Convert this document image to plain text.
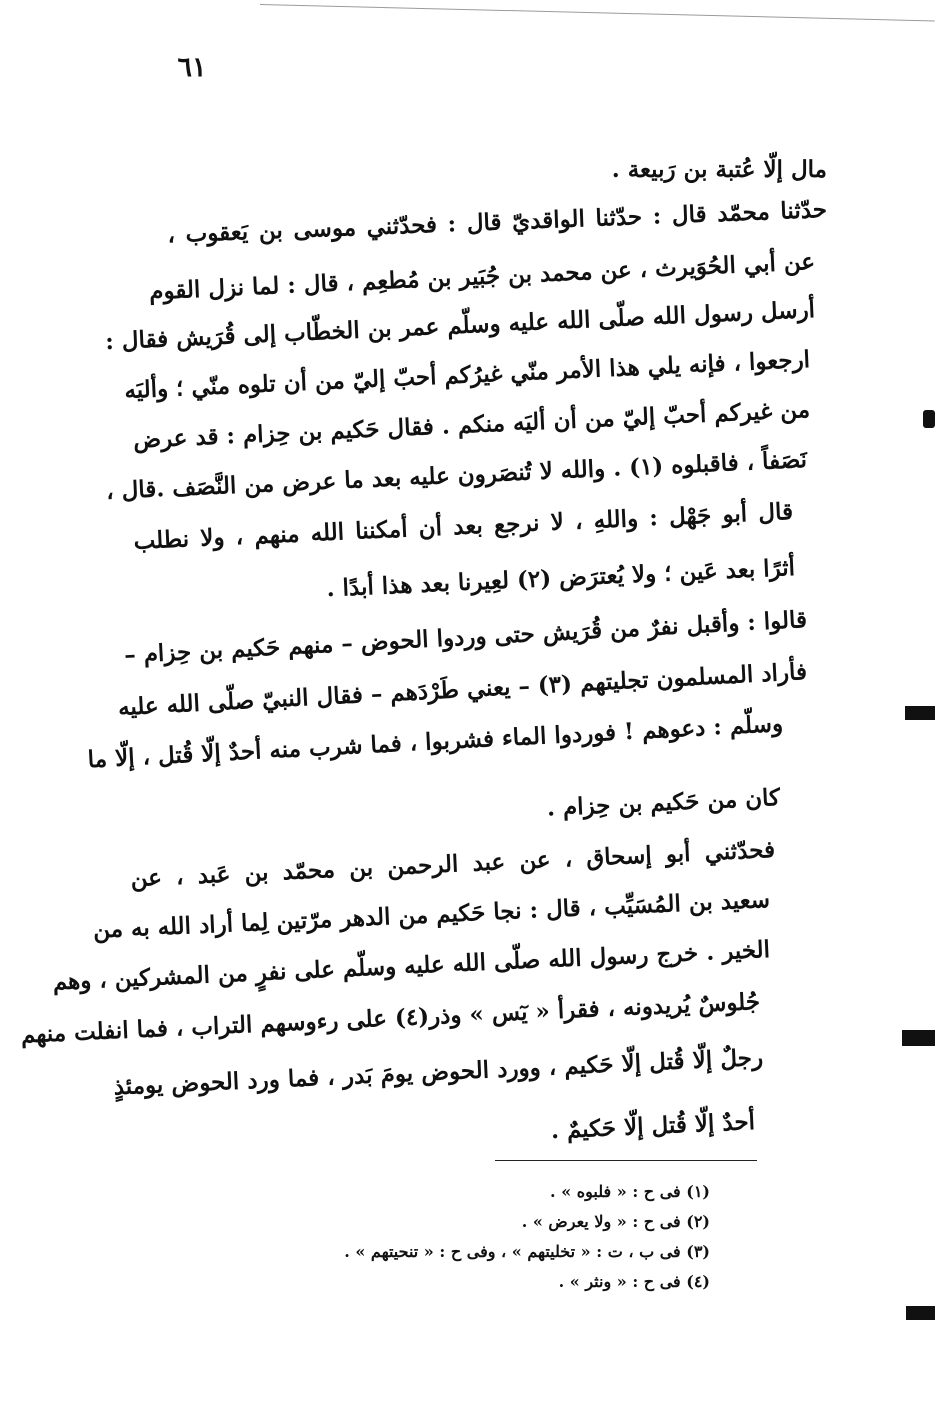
٦١
مال إلّا عُتبة بن رَبيعة .
حدّثنا محمّد قال : حدّثنا الواقديّ قال : فحدّثني موسى بن يَعقوب ،
عن أبي الحُوَيرث ، عن محمد بن جُبَير بن مُطعِم ، قال : لما نزل القوم
أرسل رسول الله صلّى الله عليه وسلّم عمر بن الخطّاب إلى قُرَيش فقال :
ارجعوا ، فإنه يلي هذا الأمر منّي غيرُكم أحبّ إليّ من أن تلوه منّي ؛ وأليَه
من غيركم أحبّ إليّ من أن أليَه منكم . فقال حَكيم بن حِزام : قد عرض
نَصَفاً ، فاقبلوه (١) . والله لا تُنصَرون عليه بعد ما عرض من النَّصَف .قال ،
قال أبو جَهْل : واللهِ ، لا نرجع بعد أن أمكننا الله منهم ، ولا نطلب
أثرًا بعد عَين ؛ ولا يُعترَض (٢) لعِيرنا بعد هذا أبدًا .
قالوا : وأقبل نفرٌ من قُرَيش حتى وردوا الحوض – منهم حَكيم بن حِزام –
فأراد المسلمون تجليتهم (٣) – يعني طَرْدَهم – فقال النبيّ صلّى الله عليه
وسلّم : دعوهم ! فوردوا الماء فشربوا ، فما شرب منه أحدٌ إلّا قُتل ، إلّا ما
كان من حَكيم بن حِزام .
فحدّثني أبو إسحاق ، عن عبد الرحمن بن محمّد بن عَبد ، عن
سعيد بن المُسَيِّب ، قال : نجا حَكيم من الدهر مرّتين لِما أراد الله به من
الخير . خرج رسول الله صلّى الله عليه وسلّم على نفرٍ من المشركين ، وهم
جُلوسٌ يُريدونه ، فقرأ « يٓس » وذر(٤) على رءوسهم التراب ، فما انفلت منهم
رجلٌ إلّا قُتل إلّا حَكيم ، وورد الحوض يومَ بَدر ، فما ورد الحوض يومئذٍ
أحدٌ إلّا قُتل إلّا حَكيمٌ .
(١) فى ح : « فلبوه » .
(٢) فى ح : « ولا يعرض » .
(٣) فى ب ، ت : « تخليتهم » ، وفى ح : « تنحيتهم » .
(٤) فى ح : « ونثر » .
